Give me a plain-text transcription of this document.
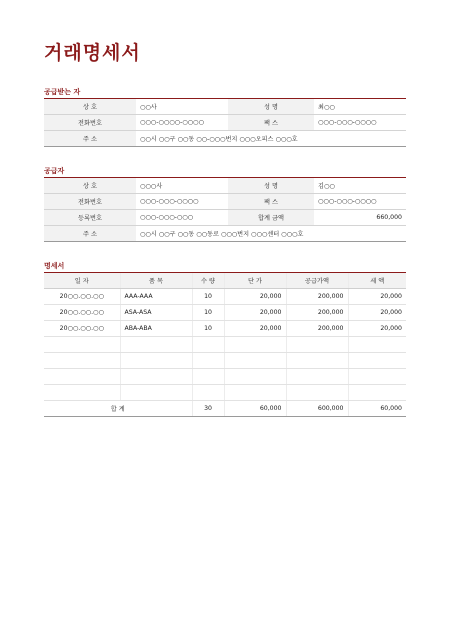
거래명세서
공급받는 자
상 호	○○사	성 명	최○○
전화번호	○○○-○○○○-○○○○	팩 스	○○○-○○○-○○○○
주 소	○○시 ○○구 ○○동 ○○-○○○번지 ○○○오피스 ○○○호		
공급자
상 호	○○○사	성 명	김○○
전화번호	○○○-○○○-○○○○	팩 스	○○○-○○○-○○○○
등록번호	○○○-○○○-○○○	합계 금액	660,000
주 소	○○시 ○○구 ○○동 ○○동로 ○○○번지 ○○○센터 ○○○호		
명세서
일 자	품 목	수 량	단 가	공급가액	세 액
20○○.○○.○○	AAA-AAA	10	20,000	200,000	20,000
20○○.○○.○○	ASA-ASA	10	20,000	200,000	20,000
20○○.○○.○○	ABA-ABA	10	20,000	200,000	20,000

합 계		30	60,000	600,000	60,000
